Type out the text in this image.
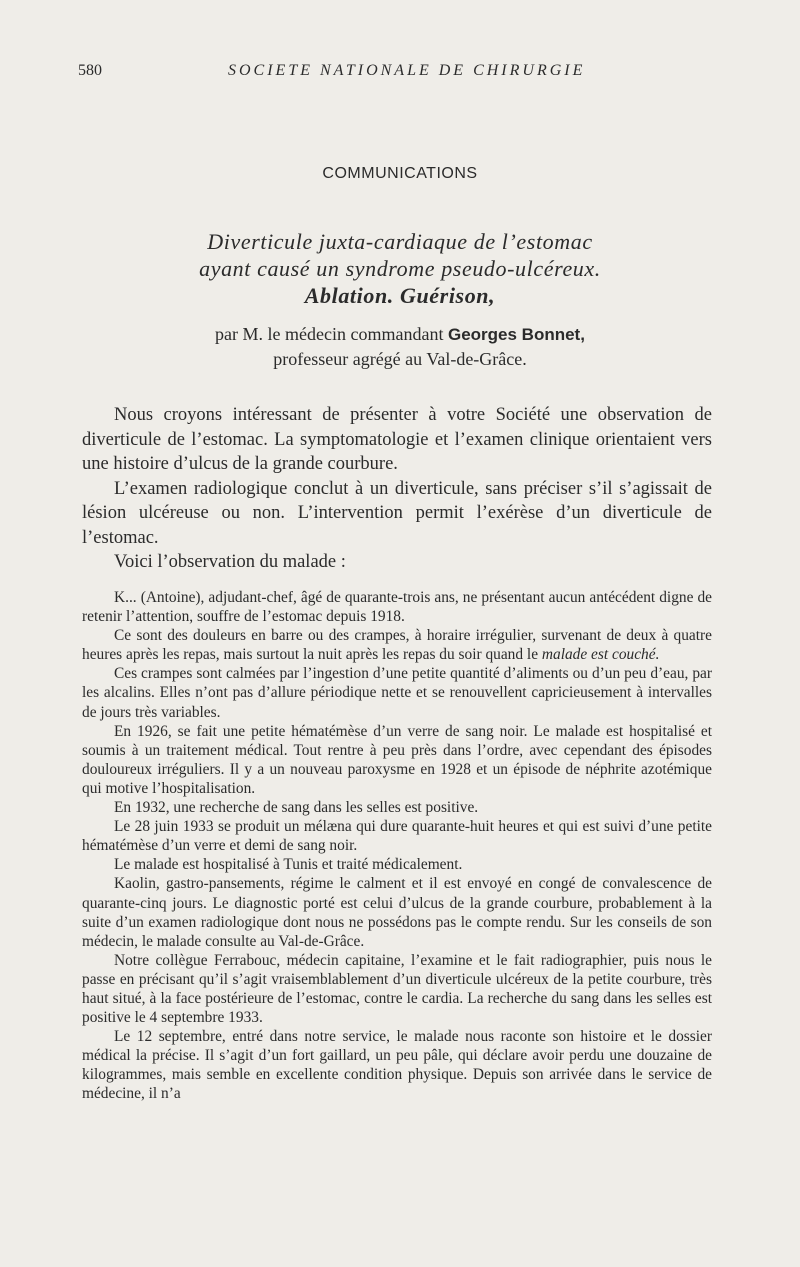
580	SOCIETE NATIONALE DE CHIRURGIE
COMMUNICATIONS
Diverticule juxta-cardiaque de l’estomac
ayant causé un syndrome pseudo-ulcéreux.
Ablation. Guérison,
par M. le médecin commandant Georges Bonnet,
professeur agrégé au Val-de-Grâce.

Nous croyons intéressant de présenter à votre Société une observation de diverticule de l’estomac. La symptomatologie et l’examen clinique orientaient vers une histoire d’ulcus de la grande courbure.

L’examen radiologique conclut à un diverticule, sans préciser s’il s’agissait de lésion ulcéreuse ou non. L’intervention permit l’exérèse d’un diverticule de l’estomac.

Voici l’observation du malade :

K... (Antoine), adjudant-chef, âgé de quarante-trois ans, ne présentant aucun antécédent digne de retenir l’attention, souffre de l’estomac depuis 1918.

Ce sont des douleurs en barre ou des crampes, à horaire irrégulier, survenant de deux à quatre heures après les repas, mais surtout la nuit après les repas du soir quand le malade est couché.

Ces crampes sont calmées par l’ingestion d’une petite quantité d’aliments ou d’un peu d’eau, par les alcalins. Elles n’ont pas d’allure périodique nette et se renouvellent capricieusement à intervalles de jours très variables.

En 1926, se fait une petite hématémèse d’un verre de sang noir. Le malade est hospitalisé et soumis à un traitement médical. Tout rentre à peu près dans l’ordre, avec cependant des épisodes douloureux irréguliers. Il y a un nouveau paroxysme en 1928 et un épisode de néphrite azotémique qui motive l’hospitalisation.

En 1932, une recherche de sang dans les selles est positive.

Le 28 juin 1933 se produit un mélæna qui dure quarante-huit heures et qui est suivi d’une petite hématémèse d’un verre et demi de sang noir.

Le malade est hospitalisé à Tunis et traité médicalement.

Kaolin, gastro-pansements, régime le calment et il est envoyé en congé de convalescence de quarante-cinq jours. Le diagnostic porté est celui d’ulcus de la grande courbure, probablement à la suite d’un examen radiologique dont nous ne possédons pas le compte rendu. Sur les conseils de son médecin, le malade consulte au Val-de-Grâce.

Notre collègue Ferrabouc, médecin capitaine, l’examine et le fait radiographier, puis nous le passe en précisant qu’il s’agit vraisemblablement d’un diverticule ulcéreux de la petite courbure, très haut situé, à la face postérieure de l’estomac, contre le cardia. La recherche du sang dans les selles est positive le 4 septembre 1933.

Le 12 septembre, entré dans notre service, le malade nous raconte son histoire et le dossier médical la précise. Il s’agit d’un fort gaillard, un peu pâle, qui déclare avoir perdu une douzaine de kilogrammes, mais semble en excellente condition physique. Depuis son arrivée dans le service de médecine, il n’a
